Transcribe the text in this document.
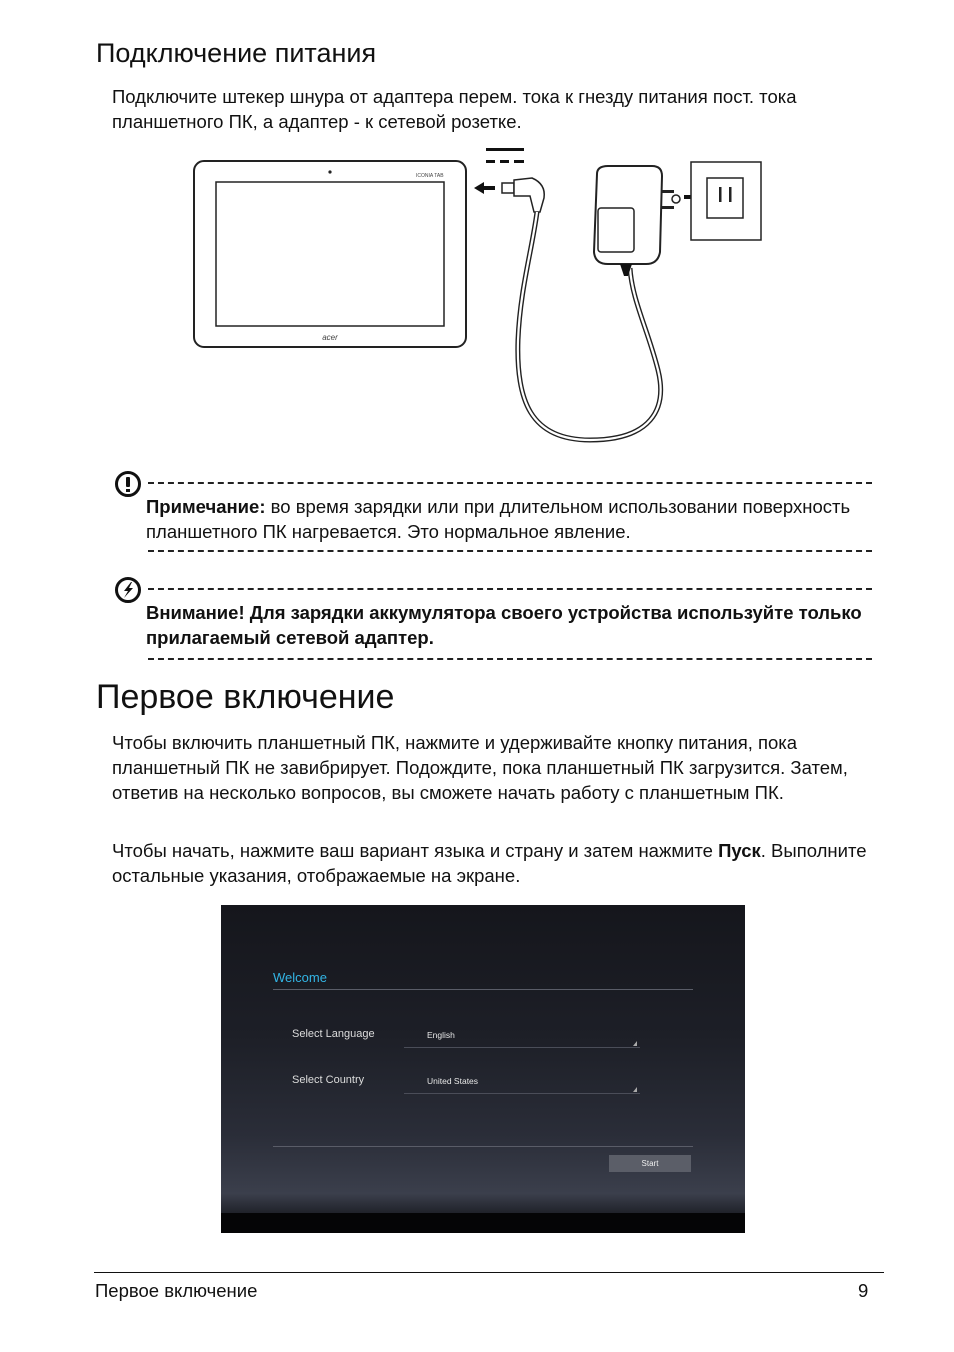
Подключение питания

Подключите штекер шнура от адаптера перем. тока к гнезду питания пост. тока планшетного ПК, а адаптер - к сетевой розетке.

ICONIA TAB
acer

Примечание: во время зарядки или при длительном использовании поверхность планшетного ПК нагревается. Это нормальное явление.

Внимание! Для зарядки аккумулятора своего устройства используйте только прилагаемый сетевой адаптер.

Первое включение

Чтобы включить планшетный ПК, нажмите и удерживайте кнопку питания, пока планшетный ПК не завибрирует. Подождите, пока планшетный ПК загрузится. Затем, ответив на несколько вопросов, вы сможете начать работу с планшетным ПК.

Чтобы начать, нажмите ваш вариант языка и страну и затем нажмите Пуск. Выполните остальные указания, отображаемые на экране.

Welcome
Select Language	English
Select Country	United States
Start
Первое включение	9
